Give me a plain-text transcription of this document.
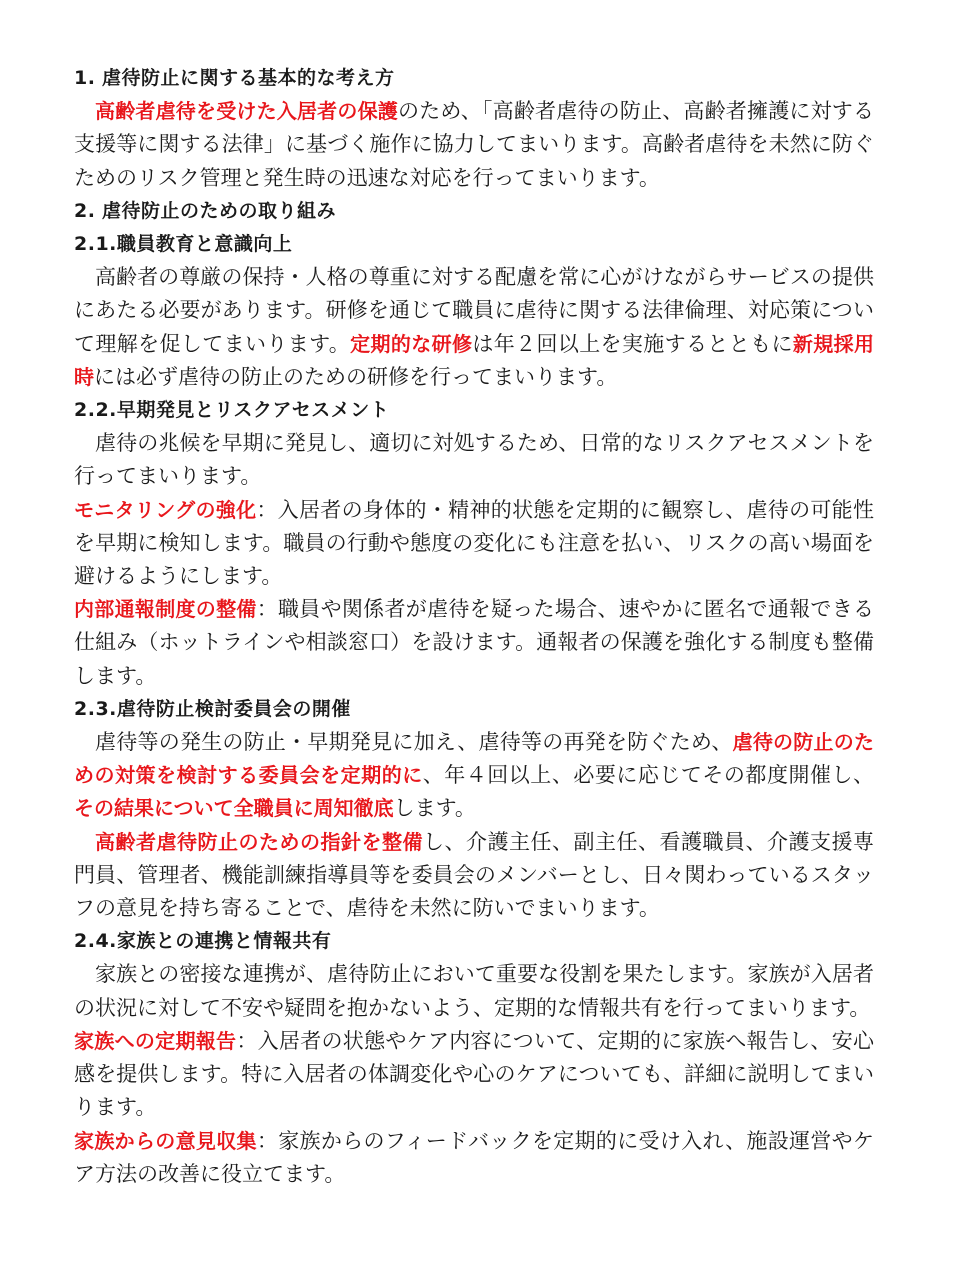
1. 虐待防止に関する基本的な考え方
高齢者虐待を受けた入居者の保護のため、「高齢者虐待の防止、高齢者擁護に対する支援等に関する法律」に基づく施作に協力してまいります。高齢者虐待を未然に防ぐためのリスク管理と発生時の迅速な対応を行ってまいります。
2. 虐待防止のための取り組み
2.1.職員教育と意識向上
高齢者の尊厳の保持・人格の尊重に対する配慮を常に心がけながらサービスの提供にあたる必要があります。研修を通じて職員に虐待に関する法律倫理、対応策について理解を促してまいります。定期的な研修は年２回以上を実施するとともに新規採用時には必ず虐待の防止のための研修を行ってまいります。
2.2.早期発見とリスクアセスメント
虐待の兆候を早期に発見し、適切に対処するため、日常的なリスクアセスメントを行ってまいります。
モニタリングの強化：入居者の身体的・精神的状態を定期的に観察し、虐待の可能性を早期に検知します。職員の行動や態度の変化にも注意を払い、リスクの高い場面を避けるようにします。
内部通報制度の整備：職員や関係者が虐待を疑った場合、速やかに匿名で通報できる仕組み（ホットラインや相談窓口）を設けます。通報者の保護を強化する制度も整備します。
2.3.虐待防止検討委員会の開催
虐待等の発生の防止・早期発見に加え、虐待等の再発を防ぐため、虐待の防止のための対策を検討する委員会を定期的に、年４回以上、必要に応じてその都度開催し、その結果について全職員に周知徹底します。
高齢者虐待防止のための指針を整備し、介護主任、副主任、看護職員、介護支援専門員、管理者、機能訓練指導員等を委員会のメンバーとし、日々関わっているスタッフの意見を持ち寄ることで、虐待を未然に防いでまいります。
2.4.家族との連携と情報共有
家族との密接な連携が、虐待防止において重要な役割を果たします。家族が入居者の状況に対して不安や疑問を抱かないよう、定期的な情報共有を行ってまいります。
家族への定期報告：入居者の状態やケア内容について、定期的に家族へ報告し、安心感を提供します。特に入居者の体調変化や心のケアについても、詳細に説明してまいります。
家族からの意見収集：家族からのフィードバックを定期的に受け入れ、施設運営やケア方法の改善に役立てます。
